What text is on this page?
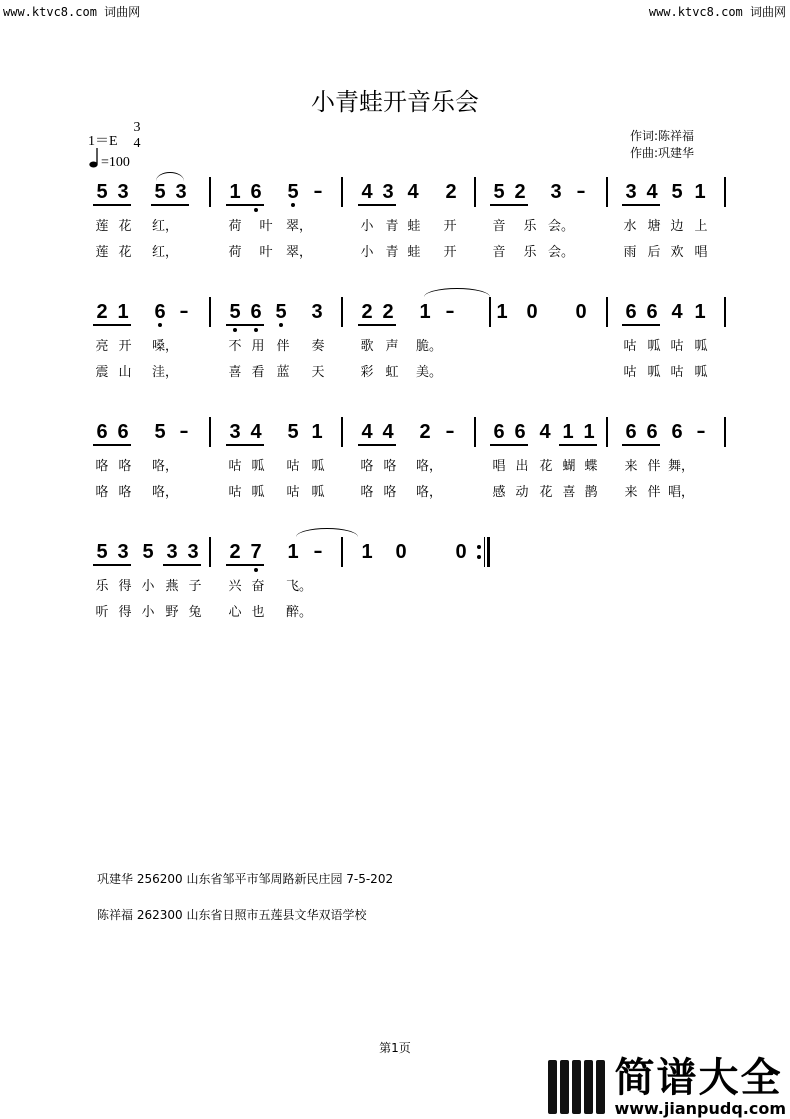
www.ktvc8.com 词曲网	www.ktvc8.com 词曲网
小青蛙开音乐会
1＝E
3
4
=100
作词:陈祥福
作曲:巩建华
5 3 5 3 1 6 5 – 4 3 4 2 5 2 3 – 3 4 5 1
莲 花 红，	荷 叶 翠，	小 青 蛙 开	音 乐 会。	水 塘 边 上
莲 花 红，	荷 叶 翠，	小 青 蛙 开	音 乐 会。	雨 后 欢 唱
2 1 6 – 5 6 5 3 2 2 1 – 1 0 0 6 6 4 1
亮 开 嗓，	不 用 伴 奏	歌 声 脆。	咕 呱 咕 呱
震 山 洼，	喜 看 蓝 天	彩 虹 美。	咕 呱 咕 呱
6 6 5 – 3 4 5 1 4 4 2 – 6 6 4 1 1 6 6 6 –
咯 咯 咯，	咕 呱 咕 呱	咯 咯 咯，	唱 出 花 蝴 蝶 来 伴 舞，
咯 咯 咯，	咕 呱 咕 呱	咯 咯 咯，	感 动 花 喜 鹊 来 伴 唱，
5 3 5 3 3 2 7 1 – 1 0 0
乐 得 小 燕 子 兴 奋 飞。
听 得 小 野 兔 心 也 醉。
巩建华 256200 山东省邹平市邹周路新民庄园 7-5-202
陈祥福 262300 山东省日照市五莲县文华双语学校
第1页
简谱大全
www.jianpudq.com
